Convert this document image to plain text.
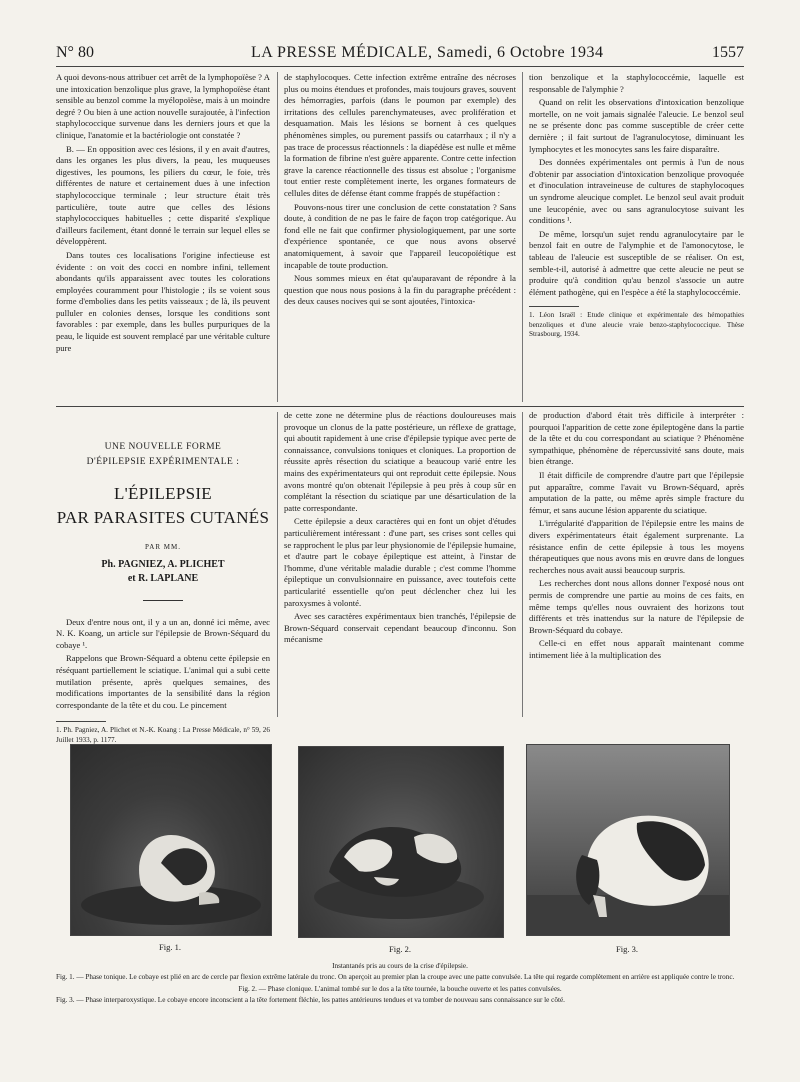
N° 80	LA PRESSE MÉDICALE, Samedi, 6 Octobre 1934	1557

A quoi devons-nous attribuer cet arrêt de la lymphopoïèse ? A une intoxication benzolique plus grave, la lymphopoïèse étant sensible au benzol comme la myélopoïèse, mais à un moindre degré ? Ou bien à une action nouvelle surajoutée, à l'infection staphylococcique survenue dans les derniers jours et que la clinique, l'anatomie et la bactériologie ont constatée ?

B. — En opposition avec ces lésions, il y en avait d'autres, dans les organes les plus divers, la peau, les muqueuses digestives, les poumons, les piliers du cœur, le foie, très différentes de nature et certainement dues à une infection staphylococcique terminale ; leur structure était très particulière, toute autre que celles des lésions staphylococciques habituelles ; cette disparité s'explique d'ailleurs facilement, étant donné le terrain sur lequel elles se développèrent.

Dans toutes ces localisations l'origine infectieuse est évidente : on voit des cocci en nombre infini, tellement abondants qu'ils apparaissent avec toutes les colorations employées couramment pour l'histologie ; ils se voient sous forme d'embolies dans les petits vaisseaux ; de là, ils peuvent pulluler en colonies denses, lorsque les conditions sont favorables : par exemple, dans les bulles purpuriques de la peau, le liquide est souvent remplacé par une véritable culture pure

de staphylocoques. Cette infection extrême entraîne des nécroses plus ou moins étendues et profondes, mais toujours graves, souvent des hémorragies, parfois (dans le poumon par exemple) des irritations des cellules parenchymateuses, avec prolifération et desquamation. Mais les lésions se bornent à ces quelques phénomènes simples, ou purement passifs ou catarrhaux ; il n'y a pas trace de processus réactionnels : la diapédèse est nulle et même la formation de fibrine n'est guère apparente. Contre cette infection grave la carence réactionnelle des tissus est absolue ; l'organisme tout entier reste complètement inerte, les organes formateurs de cellules dites de défense étant comme frappés de stupéfaction :

Pouvons-nous tirer une conclusion de cette constatation ? Sans doute, à condition de ne pas le faire de façon trop catégorique. Au fond elle ne fait que confirmer physiologiquement, par une sorte d'expérience spontanée, ce que nous avons observé anatomiquement, à savoir que l'appareil leucopoïétique est incapable de toute production.

Nous sommes mieux en état qu'auparavant de répondre à la question que nous nous posions à la fin du paragraphe précédent : des deux causes nocives qui se sont ajoutées, l'intoxica-

tion benzolique et la staphylococcémie, laquelle est responsable de l'alymphie ?

Quand on relit les observations d'intoxication benzolique mortelle, on ne voit jamais signalée l'aleucie. Le benzol seul ne se présente donc pas comme susceptible de créer cette dernière ; il fait surtout de l'agranulocytose, diminuant les lymphocytes et les monocytes sans les faire disparaître.

Des données expérimentales ont permis à l'un de nous d'obtenir par association d'intoxication benzolique provoquée et d'inoculation intraveineuse de cultures de staphylocoques un syndrome aleucique complet. Le benzol seul avait produit une leucopénie, avec ou sans agranulocytose suivant les conditions ¹.

De même, lorsqu'un sujet rendu agranulocytaire par le benzol fait en outre de l'alymphie et de l'amonocytose, le tableau de l'aleucie est susceptible de se réaliser. On est, semble-t-il, autorisé à admettre que cette aleucie ne peut se produire qu'à condition qu'au benzol s'associe un autre élément pathogène, qui en l'espèce a été la staphylococcémie.

1. Léon Israël : Etude clinique et expérimentale des hémopathies benzoliques et d'une aleucie vraie benzo-staphylococcique. Thèse Strasbourg, 1934.

UNE NOUVELLE FORME
D'ÉPILEPSIE EXPÉRIMENTALE :
L'ÉPILEPSIE
PAR PARASITES CUTANÉS
PAR MM.
Ph. PAGNIEZ, A. PLICHET
et R. LAPLANE

Deux d'entre nous ont, il y a un an, donné ici même, avec N. K. Koang, un article sur l'épilepsie de Brown-Séquard du cobaye ¹.

Rappelons que Brown-Séquard a obtenu cette épilepsie en réséquant partiellement le sciatique. L'animal qui a subi cette mutilation présente, après quelques semaines, des modifications importantes de la sensibilité dans la région correspondante de la tête et du cou. Le pincement

1. Ph. Pagniez, A. Plichet et N.-K. Koang : La Presse Médicale, n° 59, 26 Juillet 1933, p. 1177.

de cette zone ne détermine plus de réactions douloureuses mais provoque un clonus de la patte postérieure, un réflexe de grattage, qui aboutit rapidement à une crise d'épilepsie typique avec perte de connaissance, convulsions toniques et cloniques. La proportion de réussite après résection du sciatique a beaucoup varié entre les mains des expérimentateurs qui ont reproduit cette épilepsie. Nous avons montré qu'on obtenait l'épilepsie à peu près à coup sûr en complétant la résection du sciatique par une désarticulation de la patte correspondante.

Cette épilepsie a deux caractères qui en font un objet d'études particulièrement intéressant : d'une part, ses crises sont celles qui se rapprochent le plus par leur physionomie de l'épilepsie humaine, et d'autre part le cobaye épileptique est atteint, à l'instar de l'homme, d'une véritable maladie durable ; c'est comme l'homme épileptique un convulsionnaire en puissance, avec toutefois cette particularité essentielle qu'on peut déclencher chez lui les paroxysmes à volonté.

Avec ses caractères expérimentaux bien tranchés, l'épilepsie de Brown-Séquard conservait cependant beaucoup d'inconnu. Son mécanisme

de production d'abord était très difficile à interpréter : pourquoi l'apparition de cette zone épileptogène dans la partie de la tête et du cou correspondant au sciatique ? Phénomène sympathique, phénomène de répercussivité sans doute, mais bien étrange.

Il était difficile de comprendre d'autre part que l'épilepsie put apparaître, comme l'avait vu Brown-Séquard, après amputation de la patte, ou même après simple fracture du fémur, et sans aucune lésion apparente du sciatique.

L'irrégularité d'apparition de l'épilepsie entre les mains de divers expérimentateurs était également surprenante. La résistance enfin de cette épilepsie à tous les moyens thérapeutiques que nous avons mis en œuvre dans de longues recherches nous avait aussi beaucoup surpris.

Les recherches dont nous allons donner l'exposé nous ont permis de comprendre une partie au moins de ces faits, en même temps qu'elles nous ouvraient des horizons tout différents et très inattendus sur la nature de l'épilepsie de Brown-Séquard du cobaye.

Celle-ci en effet nous apparaît maintenant comme intimement liée à la multiplication des

Fig. 1.	Fig. 2.	Fig. 3.
Instantanés pris au cours de la crise d'épilepsie.

Fig. 1. — Phase tonique. Le cobaye est plié en arc de cercle par flexion extrême latérale du tronc. On aperçoit au premier plan la croupe avec une patte convulsée. La tête qui regarde complètement en arrière est appliquée contre le tronc.

Fig. 2. — Phase clonique. L'animal tombé sur le dos a la tête tournée, la bouche ouverte et les pattes convulsées.

Fig. 3. — Phase interparoxystique. Le cobaye encore inconscient a la tête fortement fléchie, les pattes antérieures tendues et va tomber de nouveau sans connaissance sur le côté.
